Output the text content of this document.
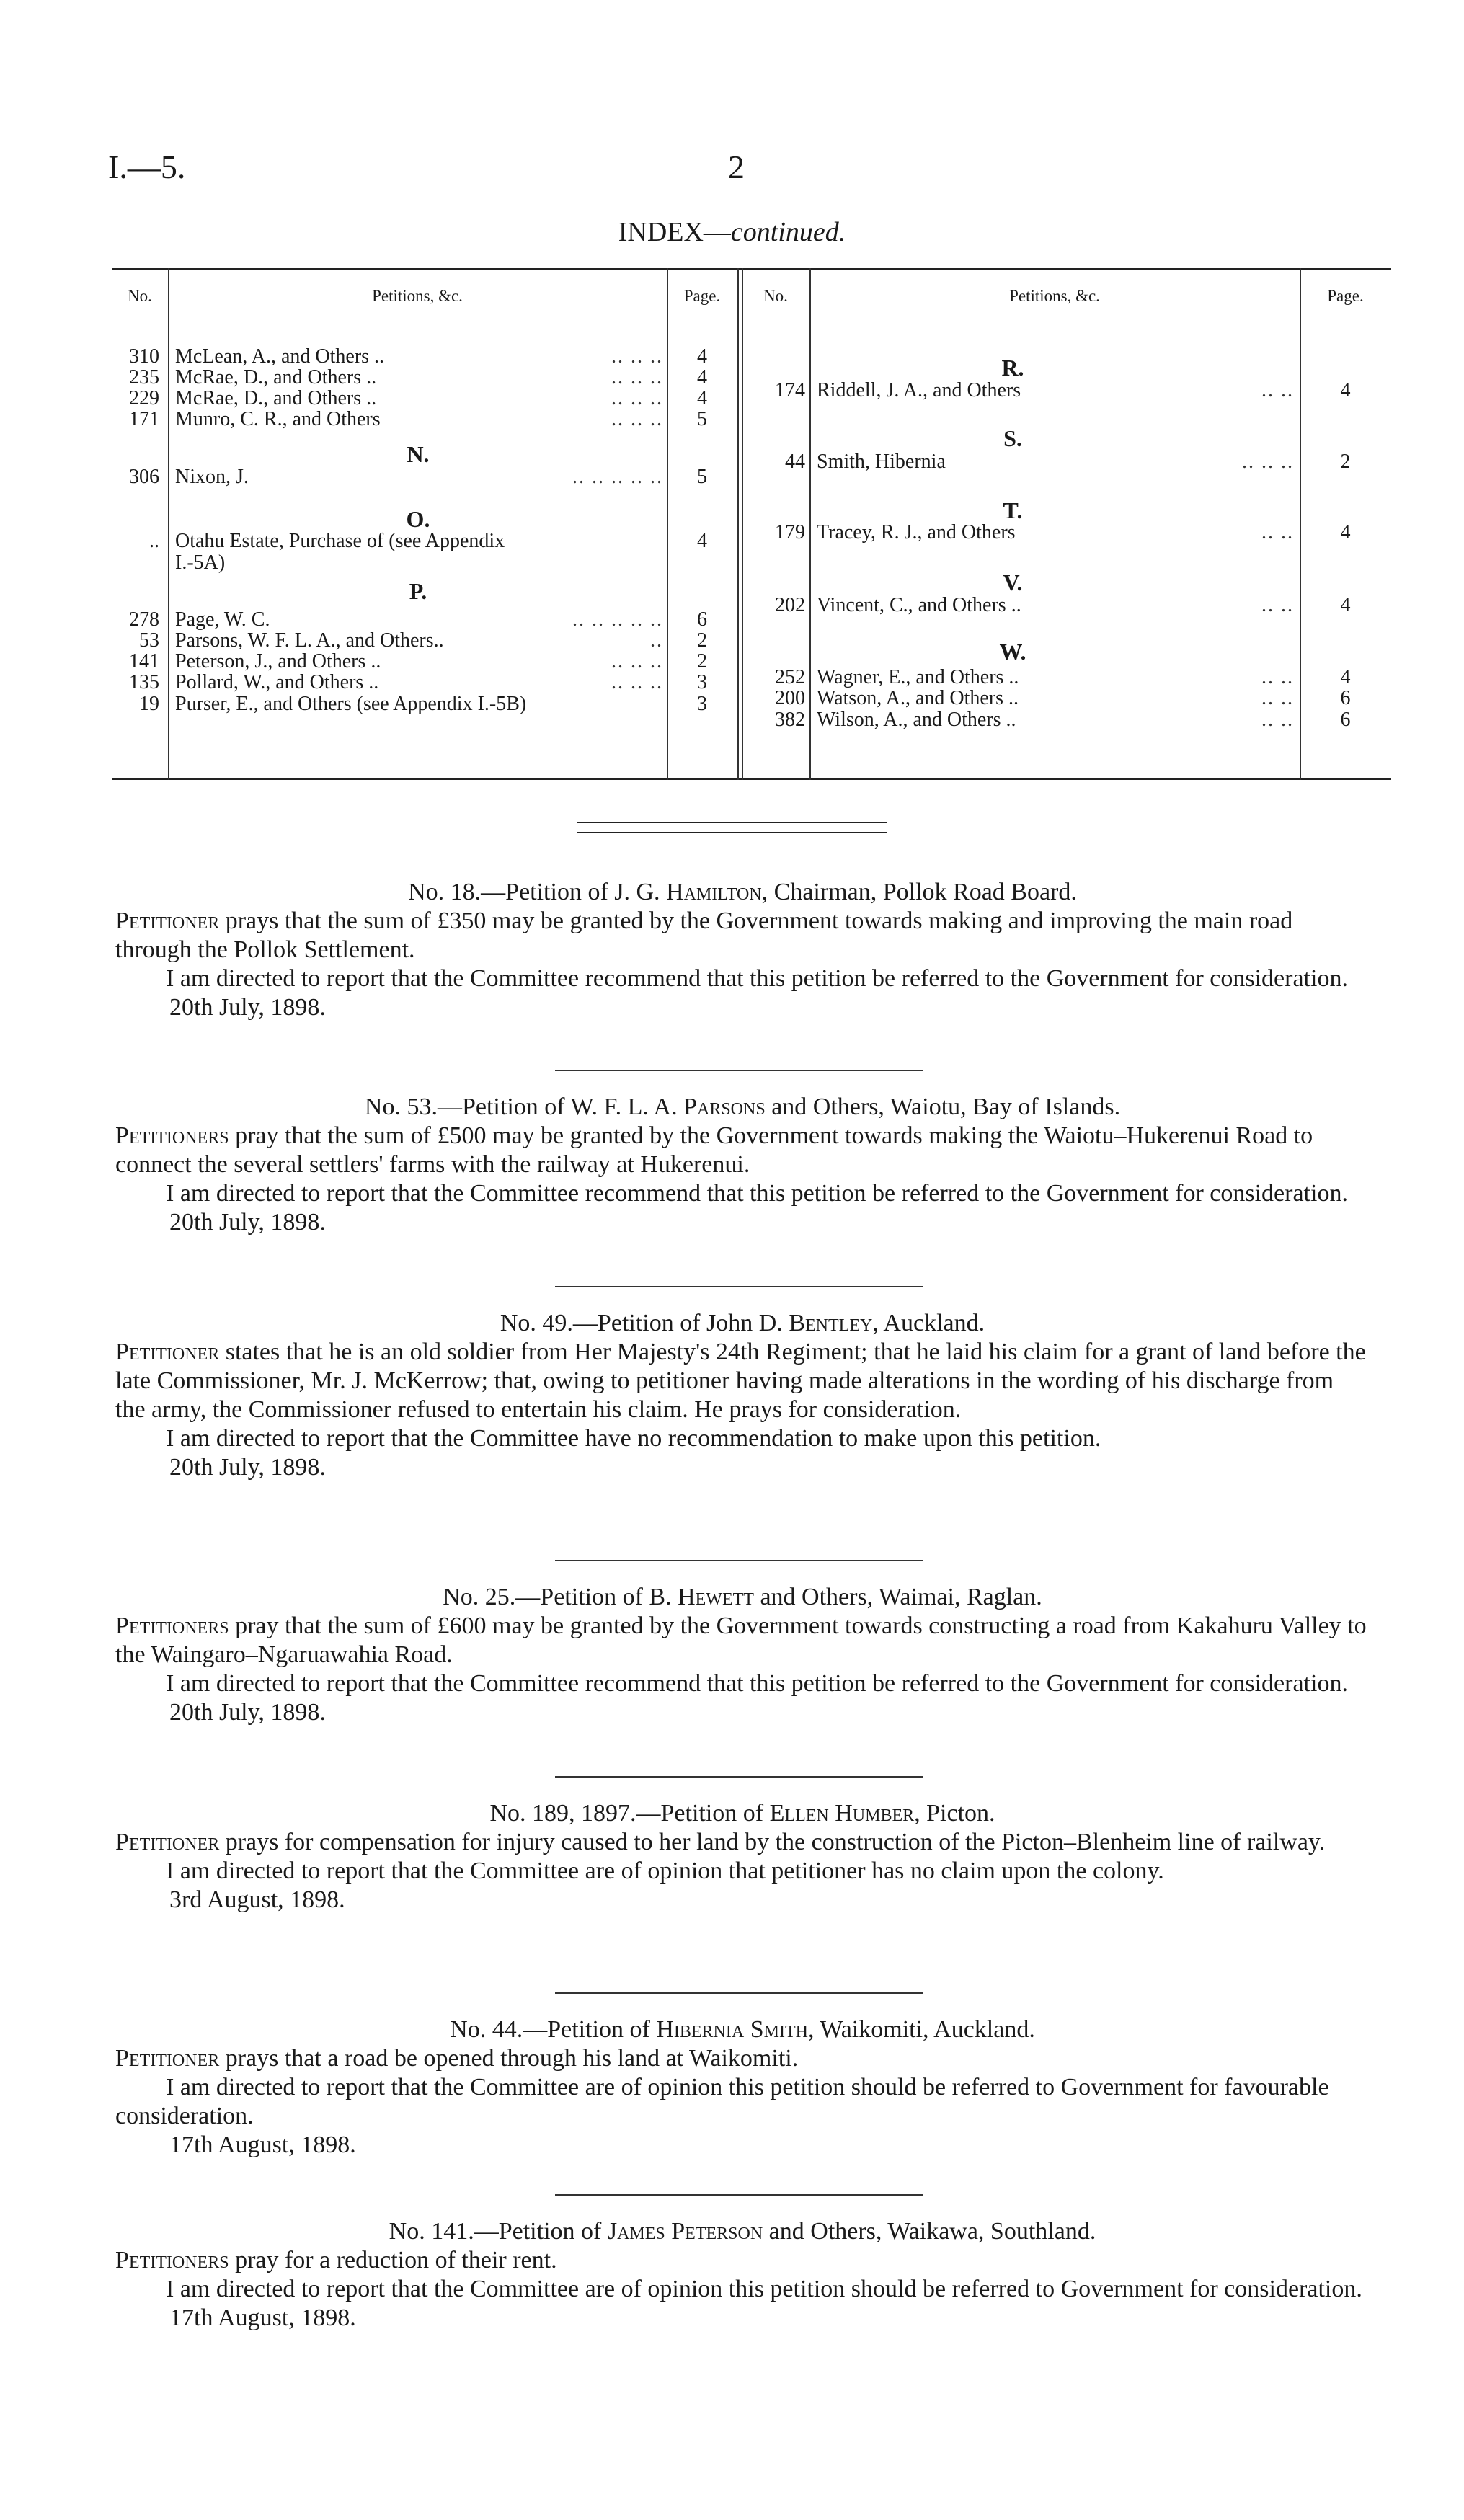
I.—5.	2
INDEX—continued.
No.	Petitions, &c.	Page.	No.	Petitions, &c.	Page.
310 McLean, A., and Others ..	.. .. ..	4
235 McRae, D., and Others ..	.. .. ..	4
229 McRae, D., and Others ..	.. .. ..	4
171 Munro, C. R., and Others	.. .. ..	5
N.
306 Nixon, J.	.. .. .. .. ..	5
O.
.. Otahu Estate, Purchase of (see Appendix	4
I.-5A)
P.
278 Page, W. C.	.. .. .. .. ..	6
53 Parsons, W. F. L. A., and Others..	..	2
141 Peterson, J., and Others ..	.. .. ..	2
135 Pollard, W., and Others ..	.. .. ..	3
19 Purser, E., and Others (see Appendix I.-5B)	3
R.
174 Riddell, J. A., and Others	.. ..	4
S.
44 Smith, Hibernia	.. .. ..	2
T.
179 Tracey, R. J., and Others	.. ..	4
V.
202 Vincent, C., and Others ..	.. ..	4
W.
252 Wagner, E., and Others ..	.. ..	4
200 Watson, A., and Others ..	.. ..	6
382 Wilson, A., and Others ..	.. ..	6
No. 18.—Petition of J. G. Hamilton, Chairman, Pollok Road Board.

Petitioner prays that the sum of £350 may be granted by the Government towards making and improving the main road through the Pollok Settlement.

I am directed to report that the Committee recommend that this petition be referred to the Government for consideration.

20th July, 1898.

No. 53.—Petition of W. F. L. A. Parsons and Others, Waiotu, Bay of Islands.

Petitioners pray that the sum of £500 may be granted by the Government towards making the Waiotu–Hukerenui Road to connect the several settlers' farms with the railway at Hukerenui.

I am directed to report that the Committee recommend that this petition be referred to the Government for consideration.

20th July, 1898.

No. 49.—Petition of John D. Bentley, Auckland.

Petitioner states that he is an old soldier from Her Majesty's 24th Regiment; that he laid his claim for a grant of land before the late Commissioner, Mr. J. McKerrow; that, owing to petitioner having made alterations in the wording of his discharge from the army, the Commissioner refused to entertain his claim. He prays for consideration.

I am directed to report that the Committee have no recommendation to make upon this petition.

20th July, 1898.

No. 25.—Petition of B. Hewett and Others, Waimai, Raglan.

Petitioners pray that the sum of £600 may be granted by the Government towards constructing a road from Kakahuru Valley to the Waingaro–Ngaruawahia Road.

I am directed to report that the Committee recommend that this petition be referred to the Government for consideration.

20th July, 1898.

No. 189, 1897.—Petition of Ellen Humber, Picton.

Petitioner prays for compensation for injury caused to her land by the construction of the Picton–Blenheim line of railway.

I am directed to report that the Committee are of opinion that petitioner has no claim upon the colony.

3rd August, 1898.

No. 44.—Petition of Hibernia Smith, Waikomiti, Auckland.

Petitioner prays that a road be opened through his land at Waikomiti.

I am directed to report that the Committee are of opinion this petition should be referred to Government for favourable consideration.

17th August, 1898.

No. 141.—Petition of James Peterson and Others, Waikawa, Southland.

Petitioners pray for a reduction of their rent.

I am directed to report that the Committee are of opinion this petition should be referred to Government for consideration.

17th August, 1898.
